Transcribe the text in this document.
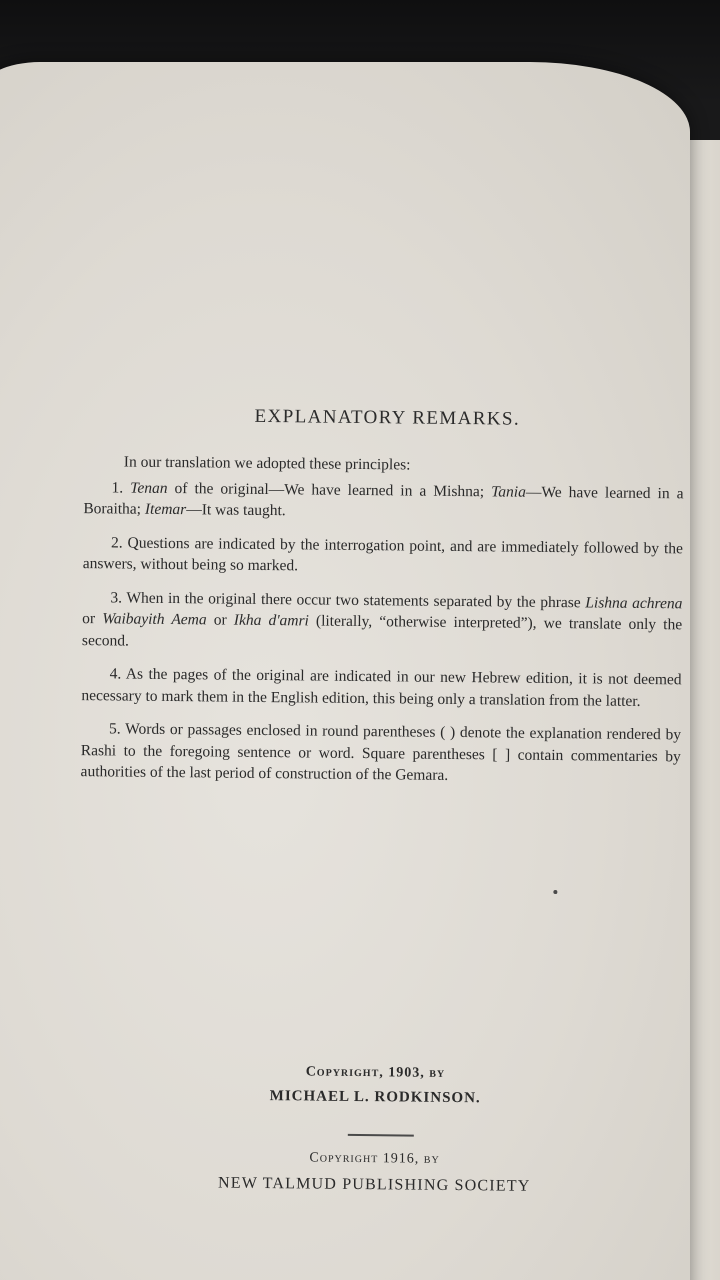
EXPLANATORY REMARKS.

In our translation we adopted these principles:

1. Tenan of the original—We have learned in a Mishna; Tania—We have learned in a Boraitha; Itemar—It was taught.

2. Questions are indicated by the interrogation point, and are immediately followed by the answers, without being so marked.

3. When in the original there occur two statements separated by the phrase Lishna achrena or Waibayith Aema or Ikha d'amri (literally, “otherwise interpreted”), we translate only the second.

4. As the pages of the original are indicated in our new Hebrew edition, it is not deemed necessary to mark them in the English edition, this being only a translation from the latter.

5. Words or passages enclosed in round parentheses ( ) denote the explanation rendered by Rashi to the foregoing sentence or word. Square parentheses [ ] contain commentaries by authorities of the last period of construction of the Gemara.

Copyright, 1903, by
MICHAEL L. RODKINSON.
Copyright 1916, by
NEW TALMUD PUBLISHING SOCIETY
